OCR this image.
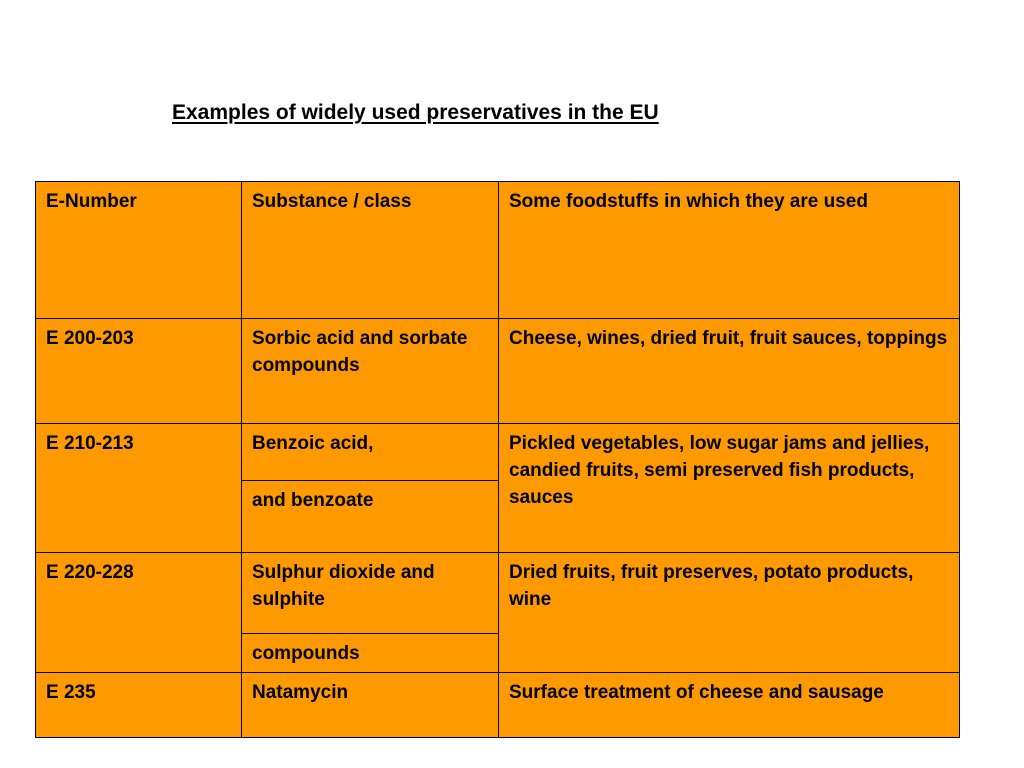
Examples of widely used preservatives in the EU
E-Number	Substance / class	Some foodstuffs in which they are used
E 200-203	Sorbic acid and sorbate compounds	Cheese, wines, dried fruit, fruit sauces, toppings
E 210-213	Benzoic acid,	Pickled vegetables, low sugar jams and jellies, candied fruits, semi preserved fish products, sauces
	and benzoate	
E 220-228	Sulphur dioxide and sulphite	Dried fruits, fruit preserves, potato products, wine
	compounds	
E 235	Natamycin	Surface treatment of cheese and sausage
